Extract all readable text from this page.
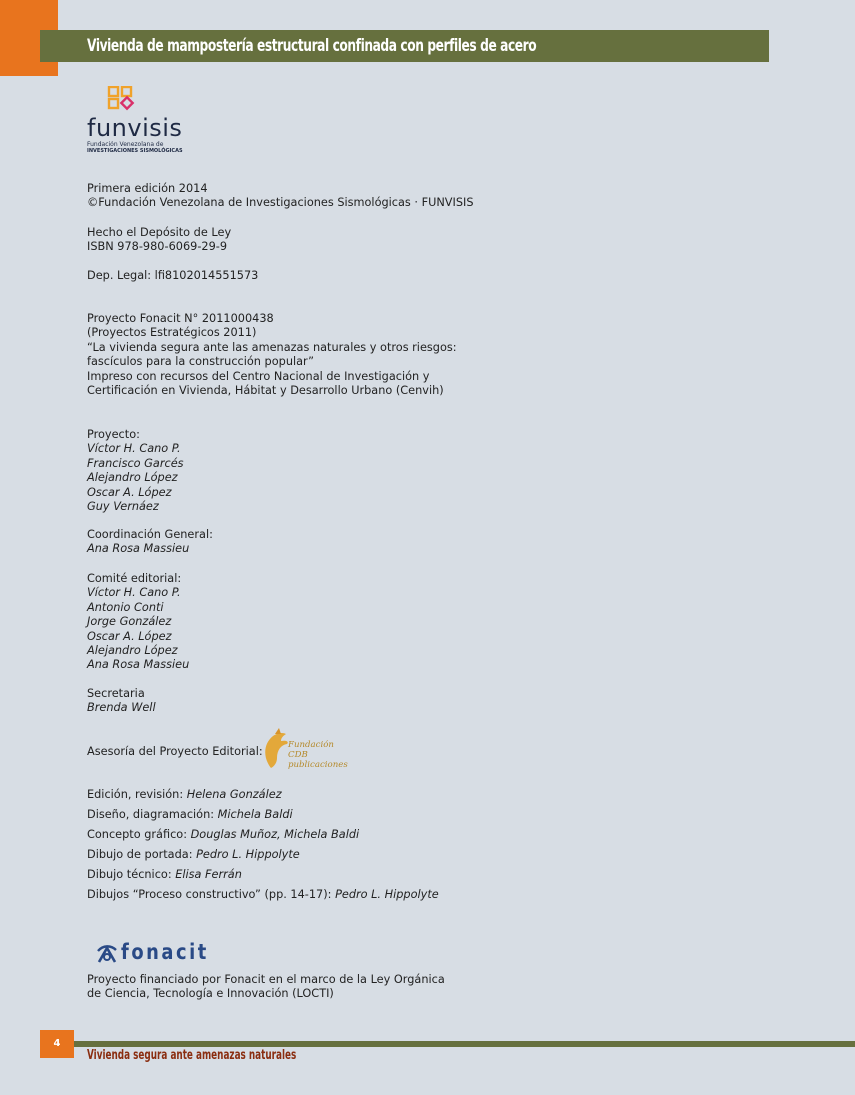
Vivienda de mampostería estructural confinada con perfiles de acero
funvisis
Fundación Venezolana de
INVESTIGACIONES SISMOLÓGICAS

Primera edición 2014

©Fundación Venezolana de Investigaciones Sismológicas · FUNVISIS

Hecho el Depósito de Ley

ISBN 978-980-6069-29-9

Dep. Legal: lfi8102014551573

Proyecto Fonacit N° 2011000438

(Proyectos Estratégicos 2011)

“La vivienda segura ante las amenazas naturales y otros riesgos:

fascículos para la construcción popular”

Impreso con recursos del Centro Nacional de Investigación y

Certificación en Vivienda, Hábitat y Desarrollo Urbano (Cenvih)

Proyecto:

Víctor H. Cano P.

Francisco Garcés

Alejandro López

Oscar A. López

Guy Vernáez

Coordinación General:

Ana Rosa Massieu

Comité editorial:

Víctor H. Cano P.

Antonio Conti

Jorge González

Oscar A. López

Alejandro López

Ana Rosa Massieu

Secretaria

Brenda Well

Asesoría del Proyecto Editorial:	Fundación
CDB publicaciones
Edición, revisión: Helena González
Diseño, diagramación: Michela Baldi
Concepto gráfico: Douglas Muñoz, Michela Baldi
Dibujo de portada: Pedro L. Hippolyte
Dibujo técnico: Elisa Ferrán
Dibujos “Proceso constructivo” (pp. 14-17): Pedro L. Hippolyte
fonacit

Proyecto financiado por Fonacit en el marco de la Ley Orgánica

de Ciencia, Tecnología e Innovación (LOCTI)

4
Vivienda segura ante amenazas naturales
